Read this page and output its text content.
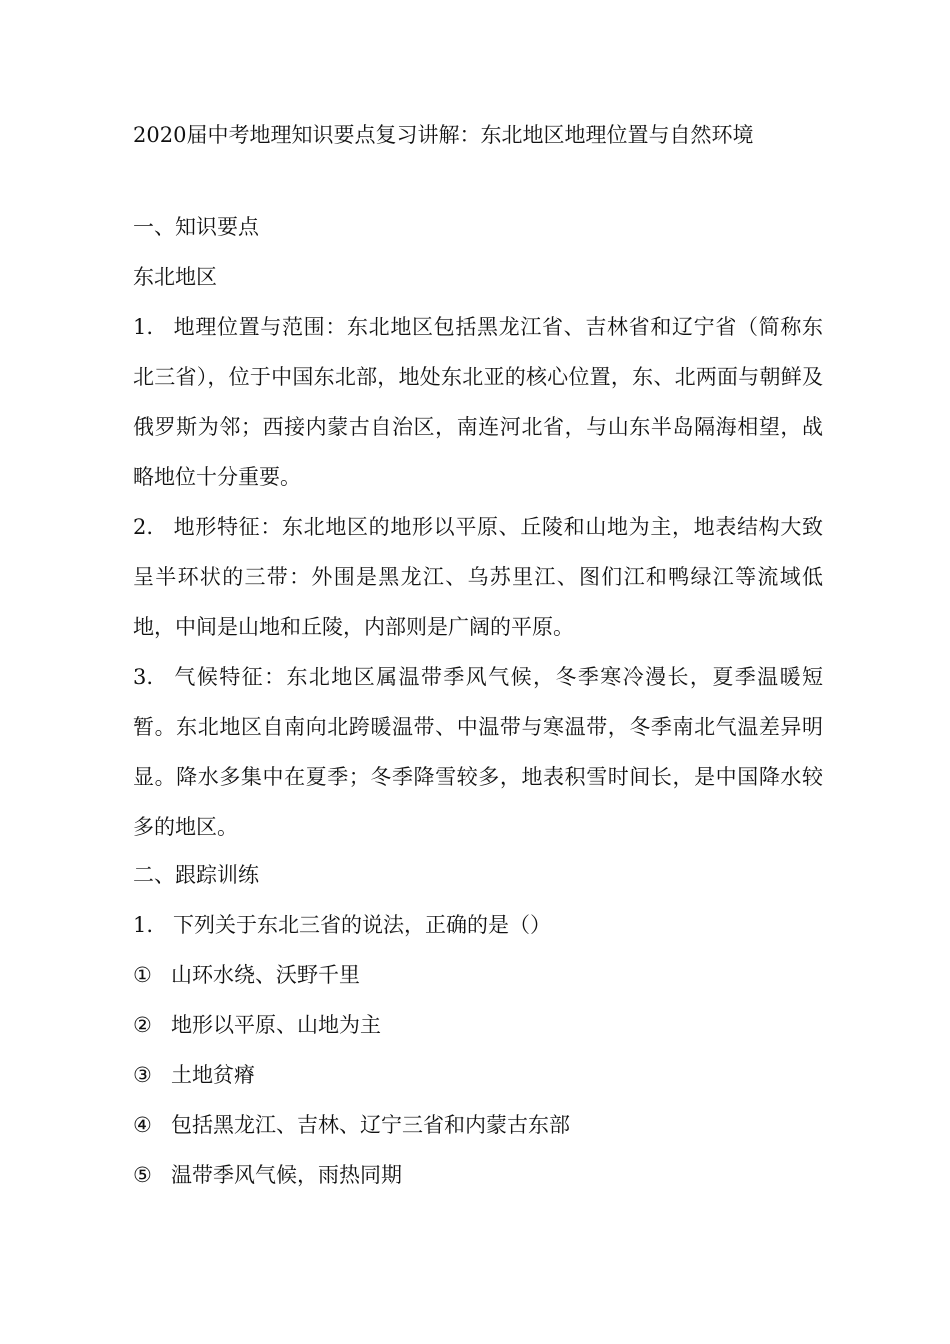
2020届中考地理知识要点复习讲解：东北地区地理位置与自然环境
一、知识要点
东北地区
1. 地理位置与范围：东北地区包括黑龙江省、吉林省和辽宁省（简称东北三省），位于中国东北部，地处东北亚的核心位置，东、北两面与朝鲜及俄罗斯为邻；西接内蒙古自治区，南连河北省，与山东半岛隔海相望，战略地位十分重要。
2. 地形特征：东北地区的地形以平原、丘陵和山地为主，地表结构大致呈半环状的三带：外围是黑龙江、乌苏里江、图们江和鸭绿江等流域低地，中间是山地和丘陵，内部则是广阔的平原。
3. 气候特征：东北地区属温带季风气候，冬季寒冷漫长，夏季温暖短暂。东北地区自南向北跨暖温带、中温带与寒温带，冬季南北气温差异明显。降水多集中在夏季；冬季降雪较多，地表积雪时间长，是中国降水较多的地区。
二、跟踪训练
1. 下列关于东北三省的说法，正确的是（）
① 山环水绕、沃野千里
② 地形以平原、山地为主
③ 土地贫瘠
④ 包括黑龙江、吉林、辽宁三省和内蒙古东部
⑤ 温带季风气候，雨热同期
